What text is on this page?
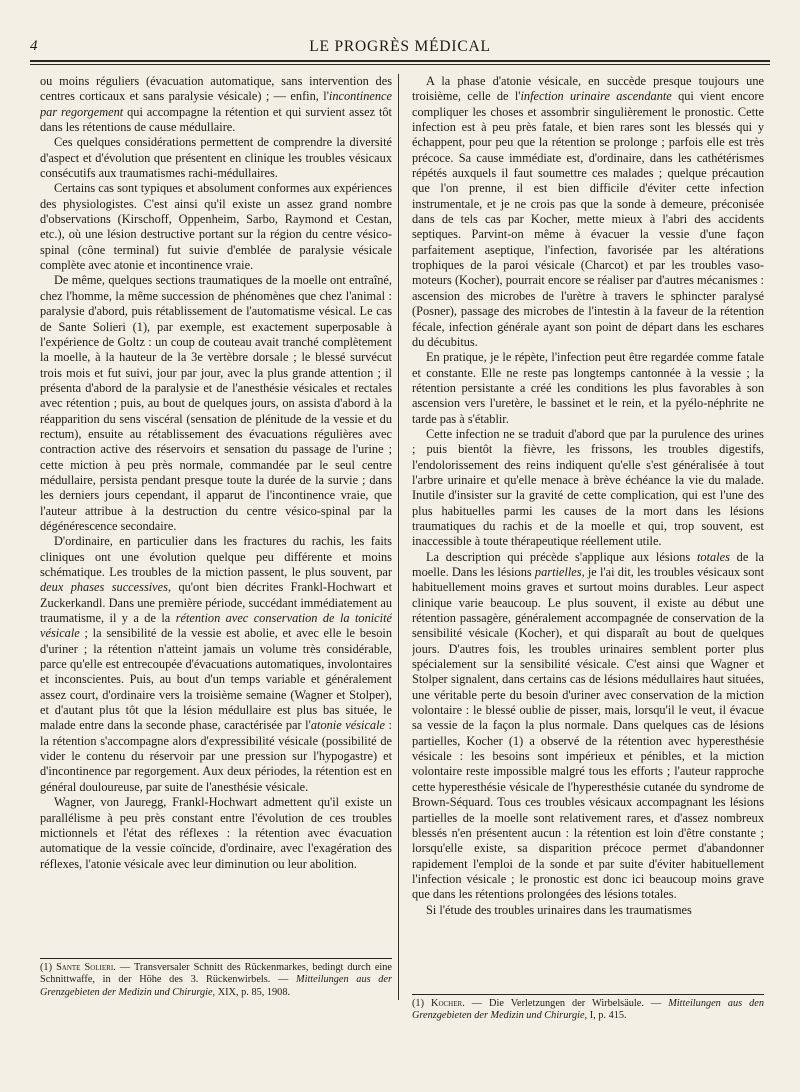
4	LE PROGRÈS MÉDICAL

ou moins réguliers (évacuation automatique, sans intervention des centres corticaux et sans paralysie vésicale) ; — enfin, l'incontinence par regorgement qui accompagne la rétention et qui survient assez tôt dans les rétentions de cause médullaire.

Ces quelques considérations permettent de comprendre la diversité d'aspect et d'évolution que présentent en clinique les troubles vésicaux consécutifs aux traumatismes rachi-médullaires.

Certains cas sont typiques et absolument conformes aux expériences des physiologistes. C'est ainsi qu'il existe un assez grand nombre d'observations (Kirschoff, Oppenheim, Sarbo, Raymond et Cestan, etc.), où une lésion destructive portant sur la région du centre vésico-spinal (cône terminal) fut suivie d'emblée de paralysie vésicale complète avec atonie et incontinence vraie.

De même, quelques sections traumatiques de la moelle ont entraîné, chez l'homme, la même succession de phénomènes que chez l'animal : paralysie d'abord, puis rétablissement de l'automatisme vésical. Le cas de Sante Solieri (1), par exemple, est exactement superposable à l'expérience de Goltz : un coup de couteau avait tranché complètement la moelle, à la hauteur de la 3e vertèbre dorsale ; le blessé survécut trois mois et fut suivi, jour par jour, avec la plus grande attention ; il présenta d'abord de la paralysie et de l'anesthésie vésicales et rectales avec rétention ; puis, au bout de quelques jours, on assista d'abord à la réapparition du sens viscéral (sensation de plénitude de la vessie et du rectum), ensuite au rétablissement des évacuations régulières avec contraction active des réservoirs et sensation du passage de l'urine ; cette miction à peu près normale, commandée par le seul centre médullaire, persista pendant presque toute la durée de la survie ; dans les derniers jours cependant, il apparut de l'incontinence vraie, que l'auteur attribue à la destruction du centre vésico-spinal par la dégénérescence secondaire.

D'ordinaire, en particulier dans les fractures du rachis, les faits cliniques ont une évolution quelque peu différente et moins schématique. Les troubles de la miction passent, le plus souvent, par deux phases successives, qu'ont bien décrites Frankl-Hochwart et Zuckerkandl. Dans une première période, succédant immédiatement au traumatisme, il y a de la rétention avec conservation de la tonicité vésicale ; la sensibilité de la vessie est abolie, et avec elle le besoin d'uriner ; la rétention n'atteint jamais un volume très considérable, parce qu'elle est entrecoupée d'évacuations automatiques, involontaires et inconscientes. Puis, au bout d'un temps variable et généralement assez court, d'ordinaire vers la troisième semaine (Wagner et Stolper), et d'autant plus tôt que la lésion médullaire est plus bas située, le malade entre dans la seconde phase, caractérisée par l'atonie vésicale : la rétention s'accompagne alors d'expressibilité vésicale (possibilité de vider le contenu du réservoir par une pression sur l'hypogastre) et d'incontinence par regorgement. Aux deux périodes, la rétention est en général douloureuse, par suite de l'anesthésie vésicale.

Wagner, von Jauregg, Frankl-Hochwart admettent qu'il existe un parallélisme à peu près constant entre l'évolution de ces troubles mictionnels et l'état des réflexes : la rétention avec évacuation automatique de la vessie coïncide, d'ordinaire, avec l'exagération des réflexes, l'atonie vésicale avec leur diminution ou leur abolition.

A la phase d'atonie vésicale, en succède presque toujours une troisième, celle de l'infection urinaire ascendante qui vient encore compliquer les choses et assombrir singulièrement le pronostic. Cette infection est à peu près fatale, et bien rares sont les blessés qui y échappent, pour peu que la rétention se prolonge ; parfois elle est très précoce. Sa cause immédiate est, d'ordinaire, dans les cathétérismes répétés auxquels il faut soumettre ces malades ; quelque précaution que l'on prenne, il est bien difficile d'éviter cette infection instrumentale, et je ne crois pas que la sonde à demeure, préconisée dans de tels cas par Kocher, mette mieux à l'abri des accidents septiques. Parvint-on même à évacuer la vessie d'une façon parfaitement aseptique, l'infection, favorisée par les altérations trophiques de la paroi vésicale (Charcot) et par les troubles vaso-moteurs (Kocher), pourrait encore se réaliser par d'autres mécanismes : ascension des microbes de l'urètre à travers le sphincter paralysé (Posner), passage des microbes de l'intestin à la faveur de la rétention fécale, infection générale ayant son point de départ dans les eschares du décubitus.

En pratique, je le répète, l'infection peut être regardée comme fatale et constante. Elle ne reste pas longtemps cantonnée à la vessie ; la rétention persistante a créé les conditions les plus favorables à son ascension vers l'uretère, le bassinet et le rein, et la pyélo-néphrite ne tarde pas à s'établir.

Cette infection ne se traduit d'abord que par la purulence des urines ; puis bientôt la fièvre, les frissons, les troubles digestifs, l'endolorissement des reins indiquent qu'elle s'est généralisée à tout l'arbre urinaire et qu'elle menace à brève échéance la vie du malade. Inutile d'insister sur la gravité de cette complication, qui est l'une des plus habituelles parmi les causes de la mort dans les lésions traumatiques du rachis et de la moelle et qui, trop souvent, est inaccessible à toute thérapeutique réellement utile.

La description qui précède s'applique aux lésions totales de la moelle. Dans les lésions partielles, je l'ai dit, les troubles vésicaux sont habituellement moins graves et surtout moins durables. Leur aspect clinique varie beaucoup. Le plus souvent, il existe au début une rétention passagère, généralement accompagnée de conservation de la sensibilité vésicale (Kocher), et qui disparaît au bout de quelques jours. D'autres fois, les troubles urinaires semblent porter plus spécialement sur la sensibilité vésicale. C'est ainsi que Wagner et Stolper signalent, dans certains cas de lésions médullaires haut situées, une véritable perte du besoin d'uriner avec conservation de la miction volontaire : le blessé oublie de pisser, mais, lorsqu'il le veut, il évacue sa vessie de la façon la plus normale. Dans quelques cas de lésions partielles, Kocher (1) a observé de la rétention avec hyperesthésie vésicale : les besoins sont impérieux et pénibles, et la miction volontaire reste impossible malgré tous les efforts ; l'auteur rapproche cette hyperesthésie vésicale de l'hyperesthésie cutanée du syndrome de Brown-Séquard. Tous ces troubles vésicaux accompagnant les lésions partielles de la moelle sont relativement rares, et d'assez nombreux blessés n'en présentent aucun : la rétention est loin d'être constante ; lorsqu'elle existe, sa disparition précoce permet d'abandonner rapidement l'emploi de la sonde et par suite d'éviter habituellement l'infection vésicale ; le pronostic est donc ici beaucoup moins grave que dans les rétentions prolongées des lésions totales.

Si l'étude des troubles urinaires dans les traumatismes

(1) Sante Solieri. — Transversaler Schnitt des Rückenmarkes, bedingt durch eine Schnittwaffe, in der Höhe des 3. Rückenwirbels. — Mitteilungen aus der Grenzgebieten der Medizin und Chirurgie, XIX, p. 85, 1908.
(1) Kocher. — Die Verletzungen der Wirbelsäule. — Mitteilungen aus den Grenzgebieten der Medizin und Chirurgie, I, p. 415.
